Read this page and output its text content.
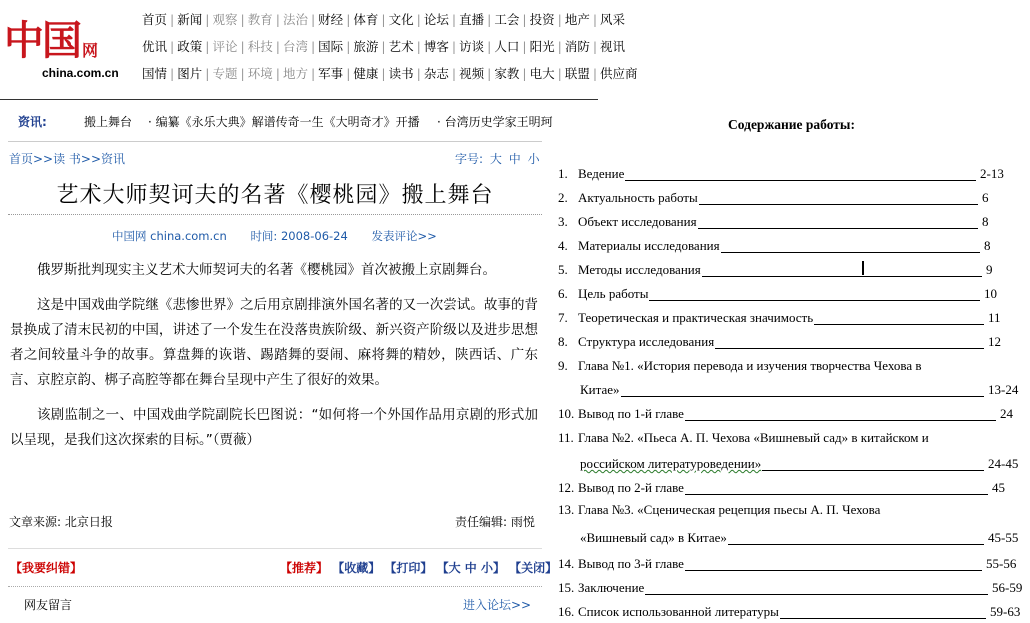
中国 网
china.com.cn
首页 | 新闻 | 观察 | 教育 | 法治 | 财经 | 体育 | 文化 | 论坛 | 直播 | 工会 | 投资 | 地产 | 风采
优讯 | 政策 | 评论 | 科技 | 台湾 | 国际 | 旅游 | 艺术 | 博客 | 访谈 | 人口 | 阳光 | 消防 | 视讯
国情 | 图片 | 专题 | 环境 | 地方 | 军事 | 健康 | 读书 | 杂志 | 视频 | 家教 | 电大 | 联盟 | 供应商
资讯:	搬上舞台 · 编纂《永乐大典》解谱传奇一生《大明奇才》开播 · 台湾历史学家王明珂
首页>>读 书>>资讯	字号: 大 中 小
艺术大师契诃夫的名著《樱桃园》搬上舞台
中国网 china.com.cn 时间: 2008-06-24 发表评论>>

俄罗斯批判现实主义艺术大师契诃夫的名著《樱桃园》首次被搬上京剧舞台。

这是中国戏曲学院继《悲惨世界》之后用京剧排演外国名著的又一次尝试。故事的背景换成了清末民初的中国，讲述了一个发生在没落贵族阶级、新兴资产阶级以及进步思想者之间较量斗争的故事。算盘舞的诙谐、踢踏舞的耍闹、麻将舞的精妙，陕西话、广东言、京腔京韵、梆子高腔等都在舞台呈现中产生了很好的效果。

该剧监制之一、中国戏曲学院副院长巴图说：“如何将一个外国作品用京剧的形式加以呈现，是我们这次探索的目标。”（贾薇）

文章来源: 北京日报	责任编辑: 雨悦
【我要纠错】	【推荐】 【收藏】 【打印】 【大 中 小】 【关闭】
网友留言	进入论坛>>
Содержание работы:
1. Ведение	2-13
2. Актуальность работы	6
3. Объект исследования	8
4. Материалы исследования	8
5. Методы исследования	9
6. Цель работы	10
7. Теоретическая и практическая значимость	11
8. Структура исследования	12
9. Глава №1. «История перевода и изучения творчества Чехова в
Китае»	13-24
10. Вывод по 1-й главе	24
11. Глава №2. «Пьеса А. П. Чехова «Вишневый сад» в китайском и
российском литературоведении»	24-45
12. Вывод по 2-й главе	45
13. Глава №3. «Сценическая рецепция пьесы А. П. Чехова
«Вишневый сад» в Китае»	45-55
14. Вывод по 3-й главе	55-56
15. Заключение	56-59
16. Список использованной литературы	59-63
